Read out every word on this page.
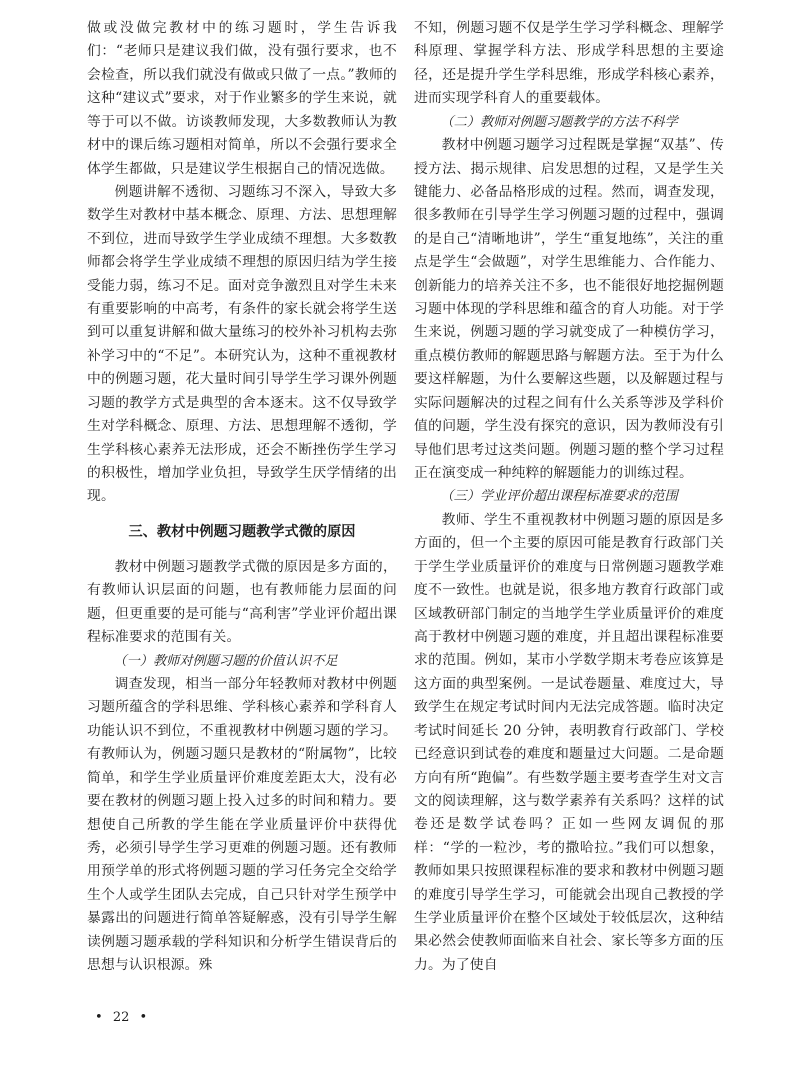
做或没做完教材中的练习题时，学生告诉我们：“老师只是建议我们做，没有强行要求，也不会检查，所以我们就没有做或只做了一点。”教师的这种“建议式”要求，对于作业繁多的学生来说，就等于可以不做。访谈教师发现，大多数教师认为教材中的课后练习题相对简单，所以不会强行要求全体学生都做，只是建议学生根据自己的情况选做。

例题讲解不透彻、习题练习不深入，导致大多数学生对教材中基本概念、原理、方法、思想理解不到位，进而导致学生学业成绩不理想。大多数教师都会将学生学业成绩不理想的原因归结为学生接受能力弱，练习不足。面对竞争激烈且对学生未来有重要影响的中高考，有条件的家长就会将学生送到可以重复讲解和做大量练习的校外补习机构去弥补学习中的“不足”。本研究认为，这种不重视教材中的例题习题，花大量时间引导学生学习课外例题习题的教学方式是典型的舍本逐末。这不仅导致学生对学科概念、原理、方法、思想理解不透彻，学生学科核心素养无法形成，还会不断挫伤学生学习的积极性，增加学业负担，导致学生厌学情绪的出现。

三、教材中例题习题教学式微的原因

教材中例题习题教学式微的原因是多方面的，有教师认识层面的问题，也有教师能力层面的问题，但更重要的是可能与“高利害”学业评价超出课程标准要求的范围有关。

（一）教师对例题习题的价值认识不足

调查发现，相当一部分年轻教师对教材中例题习题所蕴含的学科思维、学科核心素养和学科育人功能认识不到位，不重视教材中例题习题的学习。有教师认为，例题习题只是教材的“附属物”，比较简单，和学生学业质量评价难度差距太大，没有必要在教材的例题习题上投入过多的时间和精力。要想使自己所教的学生能在学业质量评价中获得优秀，必须引导学生学习更难的例题习题。还有教师用预学单的形式将例题习题的学习任务完全交给学生个人或学生团队去完成，自己只针对学生预学中暴露出的问题进行简单答疑解惑，没有引导学生解读例题习题承载的学科知识和分析学生错误背后的思想与认识根源。殊

不知，例题习题不仅是学生学习学科概念、理解学科原理、掌握学科方法、形成学科思想的主要途径，还是提升学生学科思维，形成学科核心素养，进而实现学科育人的重要载体。

（二）教师对例题习题教学的方法不科学

教材中例题习题学习过程既是掌握“双基”、传授方法、揭示规律、启发思想的过程，又是学生关键能力、必备品格形成的过程。然而，调查发现，很多教师在引导学生学习例题习题的过程中，强调的是自己“清晰地讲”，学生“重复地练”，关注的重点是学生“会做题”，对学生思维能力、合作能力、创新能力的培养关注不多，也不能很好地挖掘例题习题中体现的学科思维和蕴含的育人功能。对于学生来说，例题习题的学习就变成了一种模仿学习，重点模仿教师的解题思路与解题方法。至于为什么要这样解题，为什么要解这些题，以及解题过程与实际问题解决的过程之间有什么关系等涉及学科价值的问题，学生没有探究的意识，因为教师没有引导他们思考过这类问题。例题习题的整个学习过程正在演变成一种纯粹的解题能力的训练过程。

（三）学业评价超出课程标准要求的范围

教师、学生不重视教材中例题习题的原因是多方面的，但一个主要的原因可能是教育行政部门关于学生学业质量评价的难度与日常例题习题教学难度不一致性。也就是说，很多地方教育行政部门或区域教研部门制定的当地学生学业质量评价的难度高于教材中例题习题的难度，并且超出课程标准要求的范围。例如，某市小学数学期末考卷应该算是这方面的典型案例。一是试卷题量、难度过大，导致学生在规定考试时间内无法完成答题。临时决定考试时间延长 20 分钟，表明教育行政部门、学校已经意识到试卷的难度和题量过大问题。二是命题方向有所“跑偏”。有些数学题主要考查学生对文言文的阅读理解，这与数学素养有关系吗？这样的试卷还是数学试卷吗？正如一些网友调侃的那样：“学的一粒沙，考的撒哈拉。”我们可以想象，教师如果只按照课程标准的要求和教材中例题习题的难度引导学生学习，可能就会出现自己教授的学生学业质量评价在整个区域处于较低层次，这种结果必然会使教师面临来自社会、家长等多方面的压力。为了使自

• 22 •
